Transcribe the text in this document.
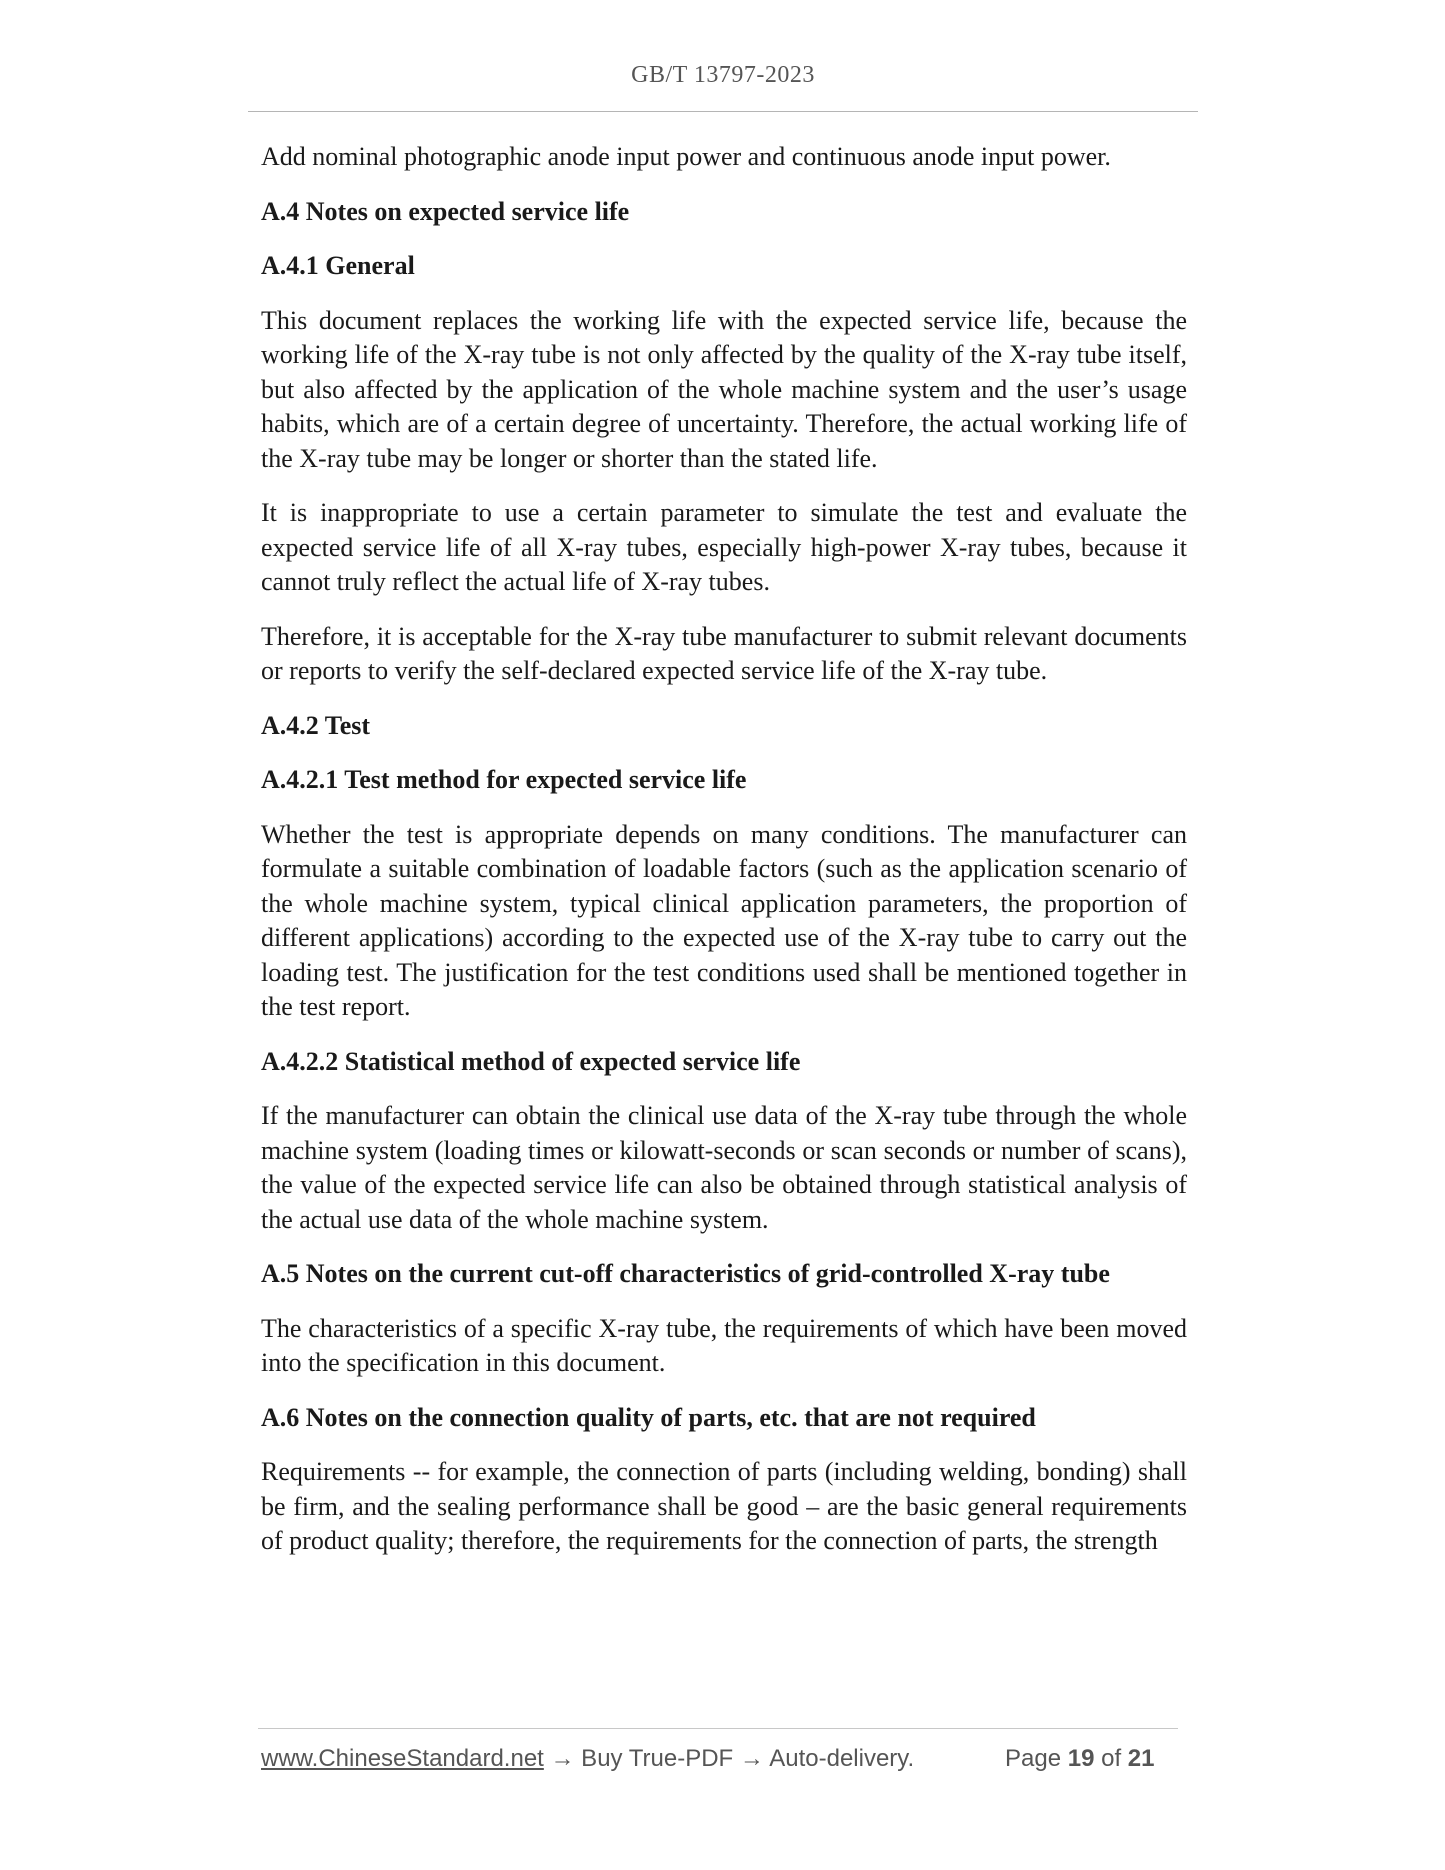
GB/T 13797-2023

Add nominal photographic anode input power and continuous anode input power.

A.4 Notes on expected service life
A.4.1 General

This document replaces the working life with the expected service life, because the working life of the X-ray tube is not only affected by the quality of the X-ray tube itself, but also affected by the application of the whole machine system and the user’s usage habits, which are of a certain degree of uncertainty. Therefore, the actual working life of the X-ray tube may be longer or shorter than the stated life.

It is inappropriate to use a certain parameter to simulate the test and evaluate the expected service life of all X-ray tubes, especially high-power X-ray tubes, because it cannot truly reflect the actual life of X-ray tubes.

Therefore, it is acceptable for the X-ray tube manufacturer to submit relevant documents or reports to verify the self-declared expected service life of the X-ray tube.

A.4.2 Test
A.4.2.1 Test method for expected service life

Whether the test is appropriate depends on many conditions. The manufacturer can formulate a suitable combination of loadable factors (such as the application scenario of the whole machine system, typical clinical application parameters, the proportion of different applications) according to the expected use of the X-ray tube to carry out the loading test. The justification for the test conditions used shall be mentioned together in the test report.

A.4.2.2 Statistical method of expected service life

If the manufacturer can obtain the clinical use data of the X-ray tube through the whole machine system (loading times or kilowatt-seconds or scan seconds or number of scans), the value of the expected service life can also be obtained through statistical analysis of the actual use data of the whole machine system.

A.5 Notes on the current cut-off characteristics of grid-controlled X-ray tube

The characteristics of a specific X-ray tube, the requirements of which have been moved into the specification in this document.

A.6 Notes on the connection quality of parts, etc. that are not required

Requirements -- for example, the connection of parts (including welding, bonding) shall be firm, and the sealing performance shall be good – are the basic general requirements of product quality; therefore, the requirements for the connection of parts, the strength

www.ChineseStandard.net → Buy True-PDF → Auto-delivery.	Page 19 of 21
